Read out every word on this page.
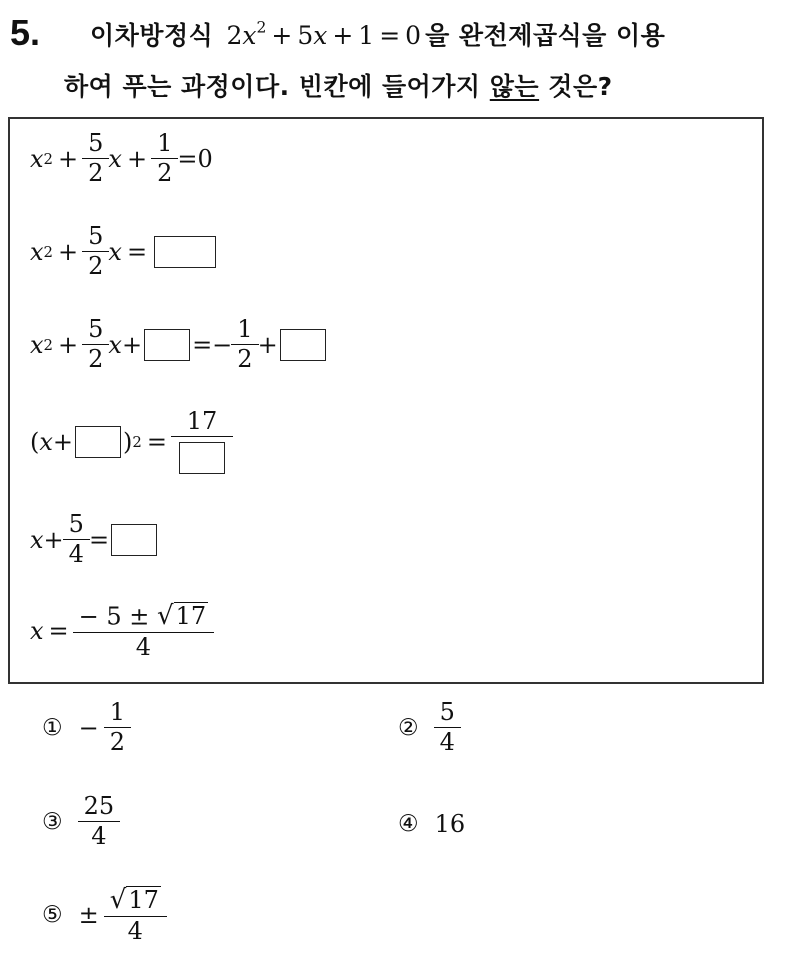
5. 이차방정식 $2x^2 + 5x + 1 = 0$ 을 완전제곱식을 이용
하여 푸는 과정이다. 빈칸에 들어가지 않는 것은?
x $2 + \frac{5}{2}$ $x + \frac{1}{2} = 0$
x $2 + \frac{5}{2}$ x =
x $2 + \frac{5}{2}$ x + = − $\frac{1}{2}$ +
( x + ) 2 =
17
$x + \frac{5}{4}$ =
$x = \frac{- 5 \pm √ 17}{4}$
① − $\frac{1}{2}$	② $\frac{5}{4}$
③ $\frac{25}{4}$	④ 16
⑤ ± $\frac{√ 17}{4}$
